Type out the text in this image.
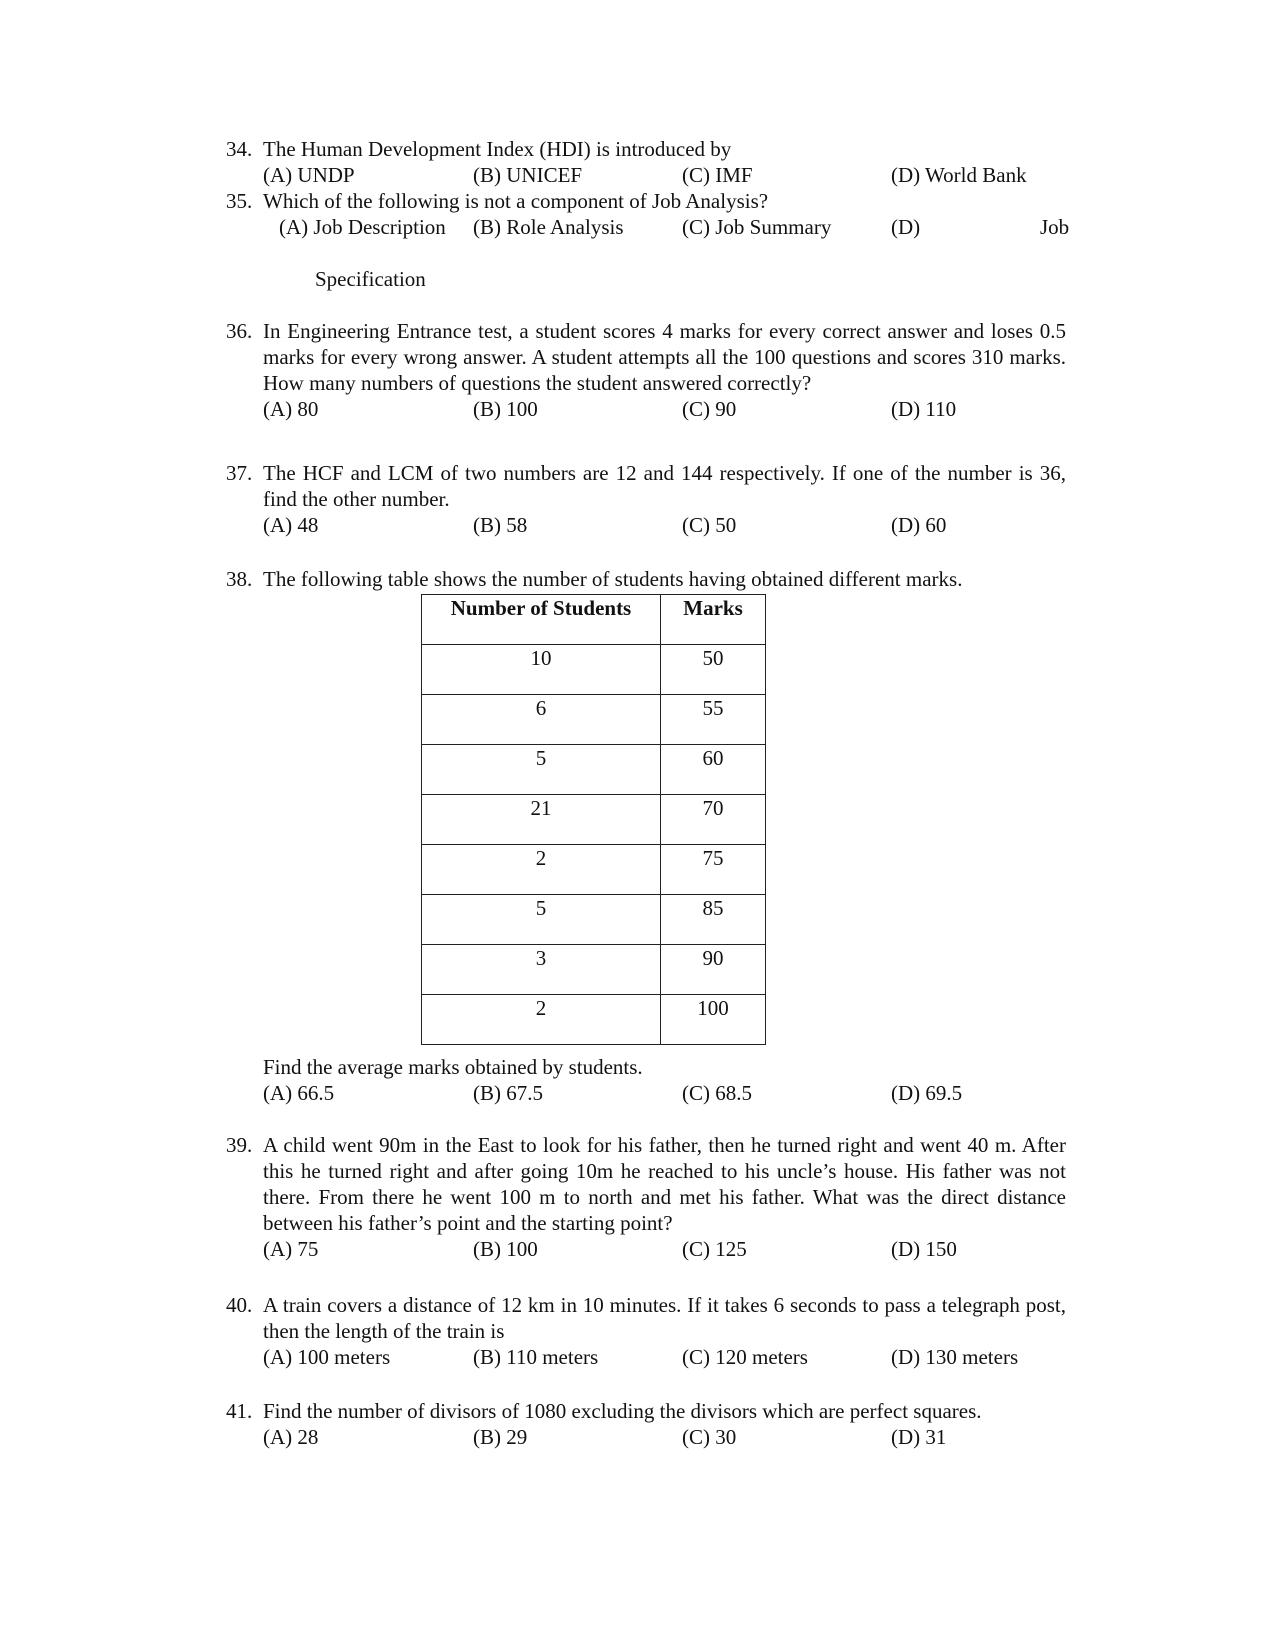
34. The Human Development Index (HDI) is introduced by
(A) UNDP	(B) UNICEF	(C) IMF	(D) World Bank
35. Which of the following is not a component of Job Analysis?
(A) Job Description (B) Role Analysis	(C) Job Summary	(D)	Job
Specification
36. In Engineering Entrance test, a student scores 4 marks for every correct answer and loses 0.5 marks for every wrong answer. A student attempts all the 100 questions and scores 310 marks. How many numbers of questions the student answered correctly?
(A) 80	(B) 100	(C) 90	(D) 110
37. The HCF and LCM of two numbers are 12 and 144 respectively. If one of the number is 36, find the other number.
(A) 48	(B) 58	(C) 50	(D) 60
38. The following table shows the number of students having obtained different marks.
Number of Students	Marks
10	50
6	55
5	60
21	70
2	75
5	85
3	90
2	100
Find the average marks obtained by students.
(A) 66.5	(B) 67.5	(C) 68.5	(D) 69.5
39. A child went 90m in the East to look for his father, then he turned right and went 40 m. After this he turned right and after going 10m he reached to his uncle’s house. His father was not there. From there he went 100 m to north and met his father. What was the direct distance between his father’s point and the starting point?
(A) 75	(B) 100	(C) 125	(D) 150
40. A train covers a distance of 12 km in 10 minutes. If it takes 6 seconds to pass a telegraph post, then the length of the train is
(A) 100 meters	(B) 110 meters	(C) 120 meters	(D) 130 meters
41. Find the number of divisors of 1080 excluding the divisors which are perfect squares.
(A) 28	(B) 29	(C) 30	(D) 31
